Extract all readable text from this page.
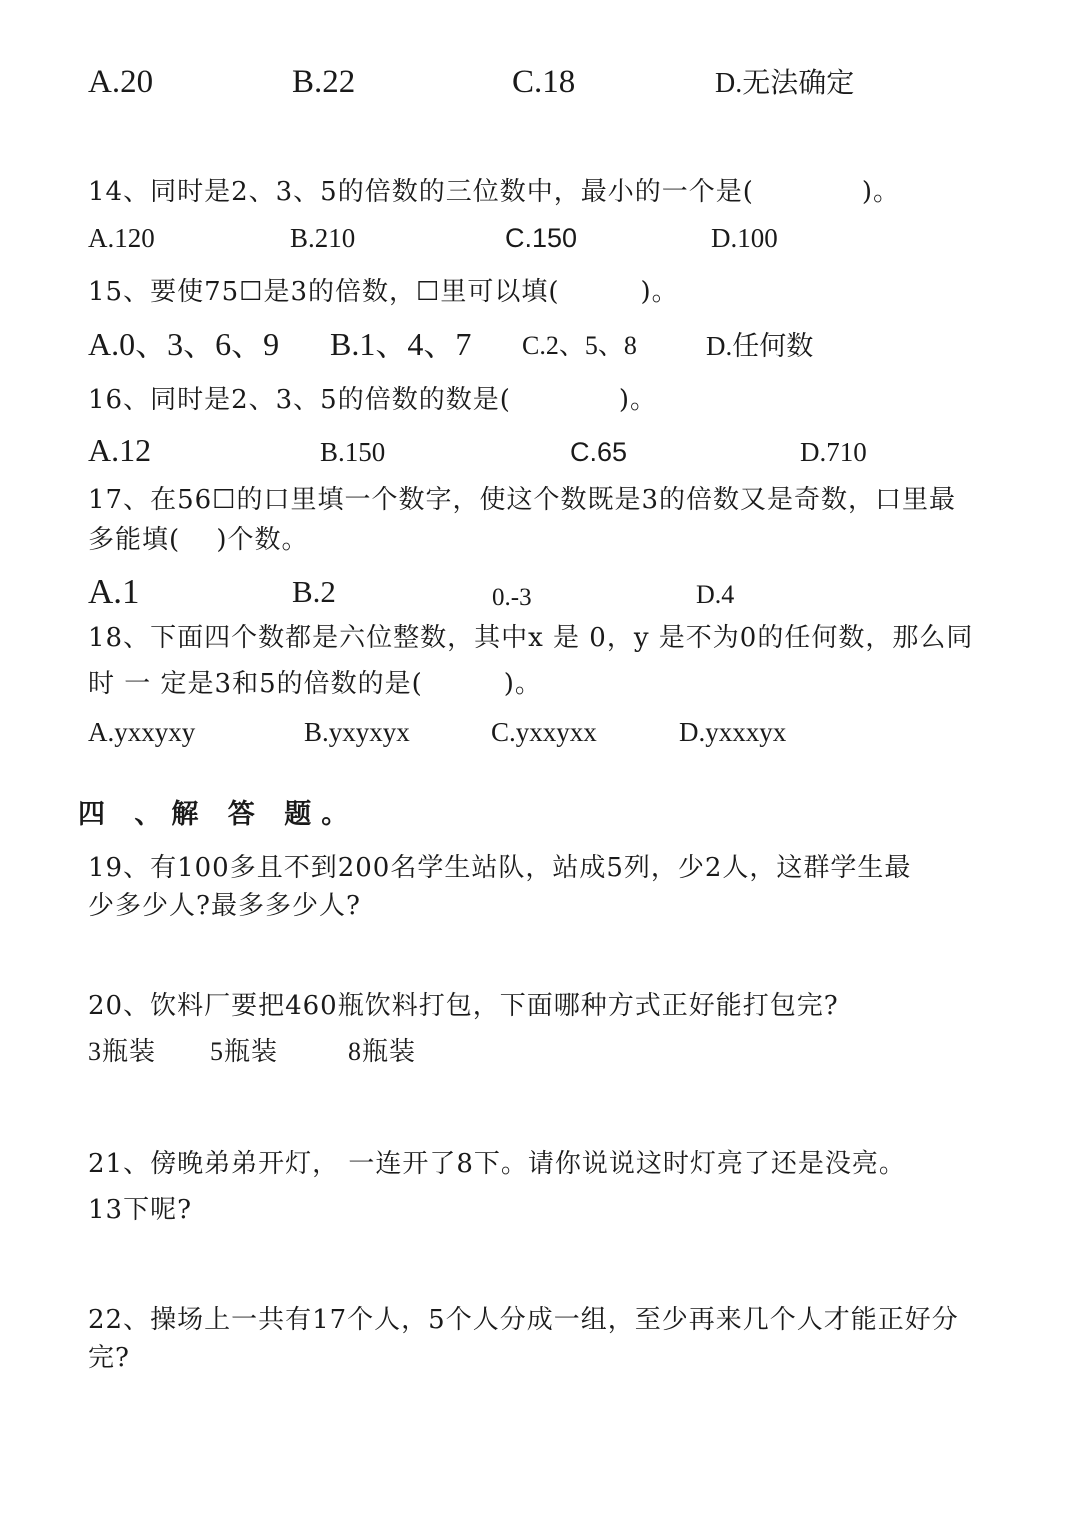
A.20	B.22	C.18	D.无法确定
14、同时是2、3、5的倍数的三位数中，最小的一个是(　　　　)。
A.120	B.210	C.150	D.100
15、要使75☐是3的倍数，☐里可以填(　　　)。
A.0、3、6、9 B.1、4、7 C.2、5、8	D.任何数
16、同时是2、3、5的倍数的数是(　　　　)。
A.12	B.150	C.65	D.710
17、在56☐的口里填一个数字，使这个数既是3的倍数又是奇数，口里最
多能填(　 )个数。
A.1	B.2	0.-3	D.4
18、下面四个数都是六位整数，其中x 是 0，y 是不为0的任何数，那么同
时 一 定是3和5的倍数的是(　　　)。
A.yxxyxy	B.yxyxyx	C.yxxyxx	D.yxxxyx
四 、解 答 题。
19、有100多且不到200名学生站队，站成5列，少2人，这群学生最
少多少人?最多多少人?
20、饮料厂要把460瓶饮料打包，下面哪种方式正好能打包完?
3瓶装 5瓶装	8瓶装
21、傍晚弟弟开灯， 一连开了8下。请你说说这时灯亮了还是没亮。
13下呢?
22、操场上一共有17个人，5个人分成一组，至少再来几个人才能正好分
完?
